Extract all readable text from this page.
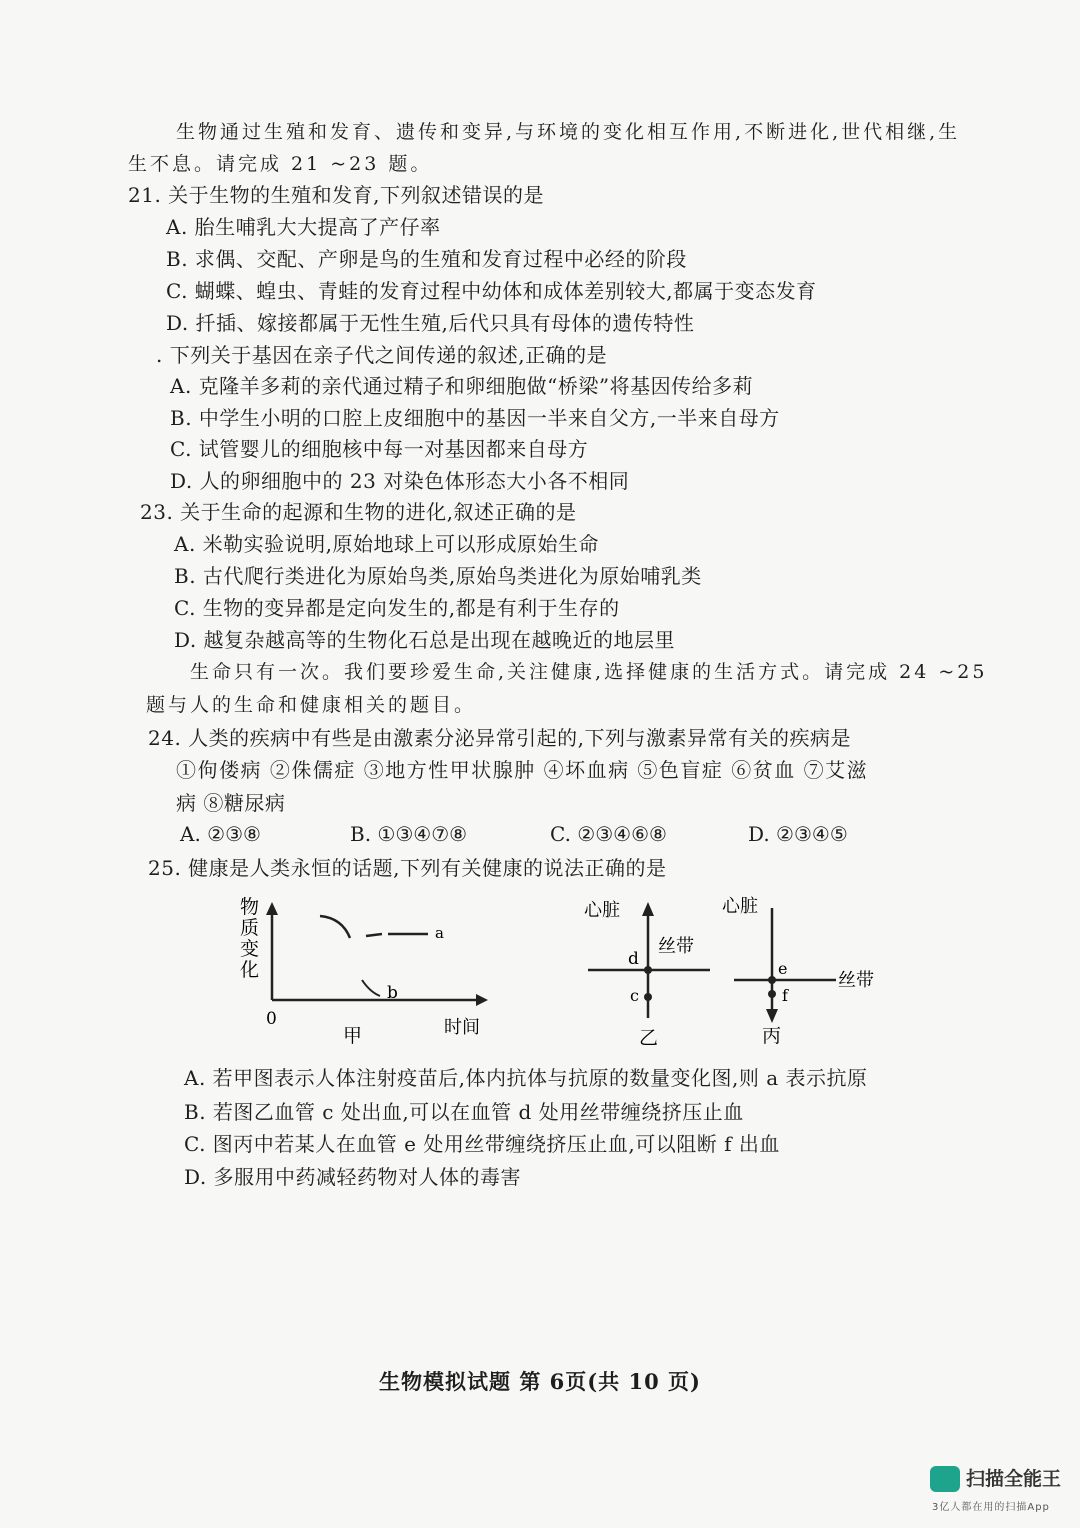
生物通过生殖和发育、遗传和变异,与环境的变化相互作用,不断进化,世代相继,生
生不息。请完成 21 ~23 题。
21. 关于生物的生殖和发育,下列叙述错误的是
A. 胎生哺乳大大提高了产仔率
B. 求偶、交配、产卵是鸟的生殖和发育过程中必经的阶段
C. 蝴蝶、蝗虫、青蛙的发育过程中幼体和成体差别较大,都属于变态发育
D. 扦插、嫁接都属于无性生殖,后代只具有母体的遗传特性
. 下列关于基因在亲子代之间传递的叙述,正确的是
A. 克隆羊多莉的亲代通过精子和卵细胞做“桥梁”将基因传给多莉
B. 中学生小明的口腔上皮细胞中的基因一半来自父方,一半来自母方
C. 试管婴儿的细胞核中每一对基因都来自母方
D. 人的卵细胞中的 23 对染色体形态大小各不相同
23. 关于生命的起源和生物的进化,叙述正确的是
A. 米勒实验说明,原始地球上可以形成原始生命
B. 古代爬行类进化为原始鸟类,原始鸟类进化为原始哺乳类
C. 生物的变异都是定向发生的,都是有利于生存的
D. 越复杂越高等的生物化石总是出现在越晚近的地层里
生命只有一次。我们要珍爱生命,关注健康,选择健康的生活方式。请完成 24 ~25
题与人的生命和健康相关的题目。
24. 人类的疾病中有些是由激素分泌异常引起的,下列与激素异常有关的疾病是
①佝偻病 ②侏儒症 ③地方性甲状腺肿 ④坏血病 ⑤色盲症 ⑥贫血 ⑦艾滋
病 ⑧糖尿病
A. ②③⑧	B. ①③④⑦⑧	C. ②③④⑥⑧	D. ②③④⑤
25. 健康是人类永恒的话题,下列有关健康的说法正确的是
a
b
物
质
变
化
0	时间
甲
心脏
丝带
d
c
乙
心脏
丝带
e
f
丙
A. 若甲图表示人体注射疫苗后,体内抗体与抗原的数量变化图,则 a 表示抗原
B. 若图乙血管 c 处出血,可以在血管 d 处用丝带缠绕挤压止血
C. 图丙中若某人在血管 e 处用丝带缠绕挤压止血,可以阻断 f 出血
D. 多服用中药减轻药物对人体的毒害
生物模拟试题 第 6页(共 10 页)
扫描全能王
3亿人都在用的扫描App
